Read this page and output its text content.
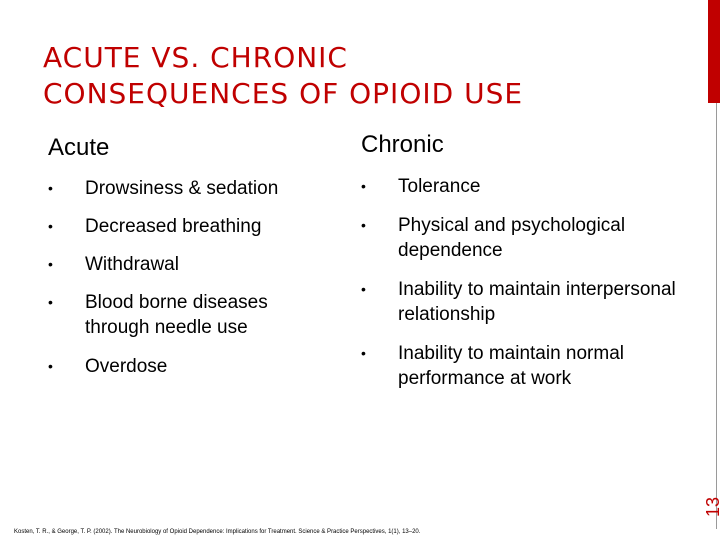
ACUTE VS. CHRONIC
CONSEQUENCES OF OPIOID USE
Acute	Chronic
• Drowsiness & sedation
• Decreased breathing
• Withdrawal
• Blood borne diseases through needle use
• Overdose
• Tolerance
• Physical and psychological dependence
• Inability to maintain interpersonal relationship
• Inability to maintain normal performance at work
13
Kosten, T. R., & George, T. P. (2002). The Neurobiology of Opioid Dependence: Implications for Treatment. Science & Practice Perspectives, 1(1), 13–20.
